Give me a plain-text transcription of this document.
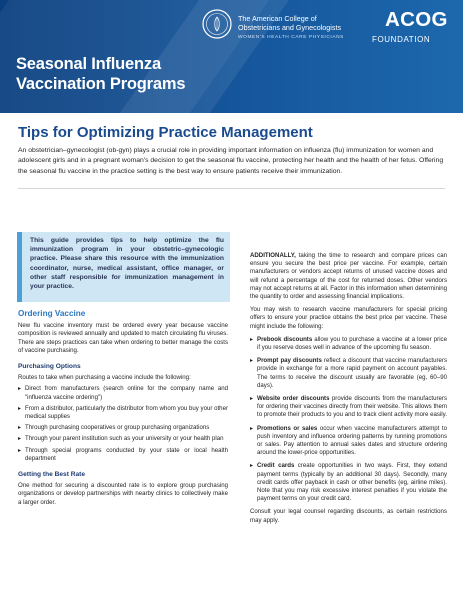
Seasonal Influenza Vaccination Programs
The American College of
Obstetricians and Gynecologists
WOMEN'S HEALTH CARE PHYSICIANS
ACOG
FOUNDATION
Tips for Optimizing Practice Management
An obstetrician–gynecologist (ob-gyn) plays a crucial role in providing important information on influenza (flu) immunization for women and adolescent girls and in a pregnant woman's decision to get the seasonal flu vaccine, protecting her health and the health of her fetus. Offering the seasonal flu vaccine in the practice setting is the best way to ensure patients receive their immunization.
This guide provides tips to help optimize the flu immunization program in your obstetric–gynecologic practice. Please share this resource with the immunization coordinator, nurse, medical assistant, office manager, or other staff responsible for immunization management in your practice.
Ordering Vaccine
New flu vaccine inventory must be ordered every year because vaccine composition is reviewed annually and updated to match circulating flu viruses. There are steps practices can take when ordering to better manage the costs of vaccine purchasing.
Purchasing Options
Routes to take when purchasing a vaccine include the following:
▸ Direct from manufacturers (search online for the company name and "influenza vaccine ordering")
▸ From a distributor, particularly the distributor from whom you buy your other medical supplies
▸ Through purchasing cooperatives or group purchasing organizations
▸ Through your parent institution such as your university or your health plan
▸ Through special programs conducted by your state or local health department
Getting the Best Rate
One method for securing a discounted rate is to explore group purchasing organizations or develop partnerships with nearby clinics to collectively make a larger order.
ADDITIONALLY, taking the time to research and compare prices can ensure you secure the best price per vaccine. For example, certain manufacturers or vendors accept returns of unused vaccine doses and will refund a percentage of the cost for returned doses. Other vendors may not accept returns at all. Factor in this information when determining the quantity to order and assessing financial implications.
You may wish to research vaccine manufacturers for special pricing offers to ensure your practice obtains the best price per vaccine. These might include the following:
▸ Prebook discounts allow you to purchase a vaccine at a lower price if you reserve doses well in advance of the upcoming flu season.
▸ Prompt pay discounts reflect a discount that vaccine manufacturers provide in exchange for a more rapid payment on account payables. The terms to receive the discount usually are favorable (eg, 60–90 days).
▸ Website order discounts provide discounts from the manufacturers for ordering their vaccines directly from their website. This allows them to promote their products to you and to track client activity more easily.
▸ Promotions or sales occur when vaccine manufacturers attempt to push inventory and influence ordering patterns by running promotions or sales. Pay attention to annual sales dates and structure ordering around the lower-price opportunities.
▸ Credit cards create opportunities in two ways. First, they extend payment terms (typically by an additional 30 days). Secondly, many credit cards offer payback in cash or other benefits (eg, airline miles). Note that you may risk excessive interest penalties if you violate the payment terms on your credit card.
Consult your legal counsel regarding discounts, as certain restrictions may apply.
